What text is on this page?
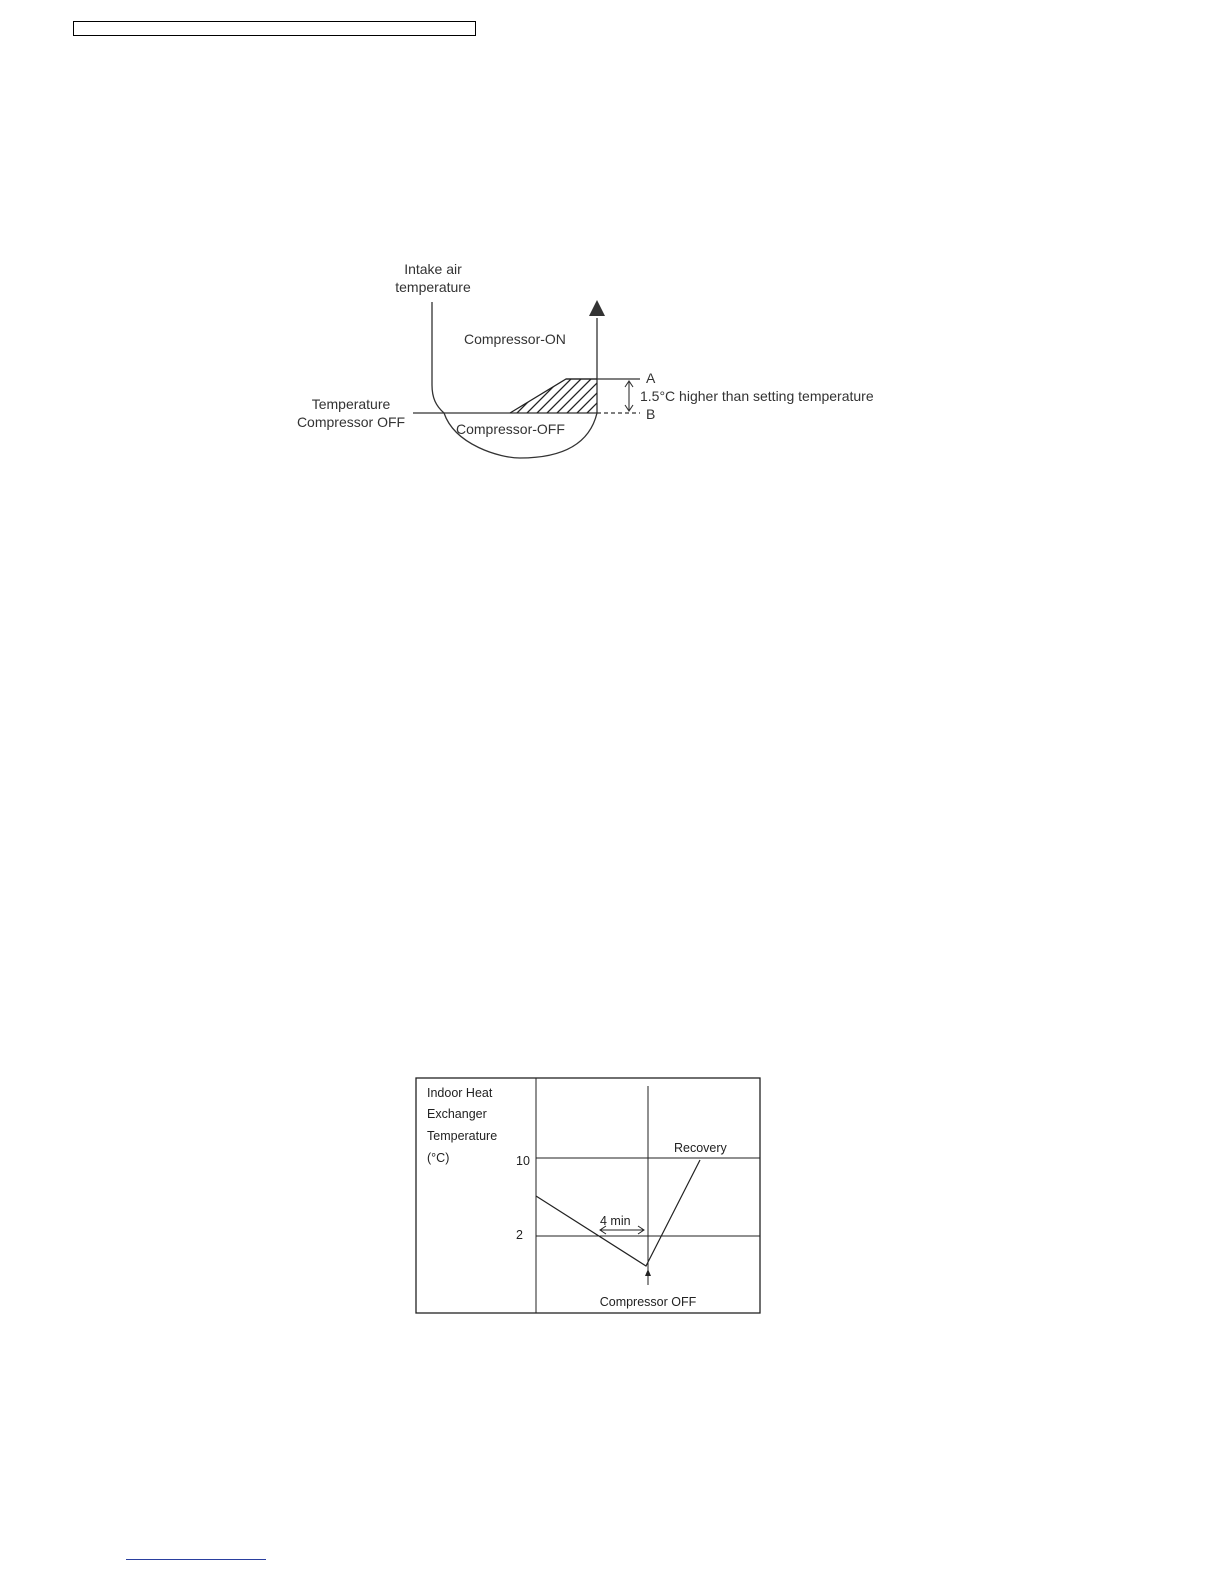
Intake air
temperature
Compressor-ON
A
B
1.5°C higher than setting temperature
Temperature
Compressor OFF	Compressor-OFF
Indoor Heat
Exchanger
Temperature
(°C)	10
2
4 min
Recovery
Compressor OFF
